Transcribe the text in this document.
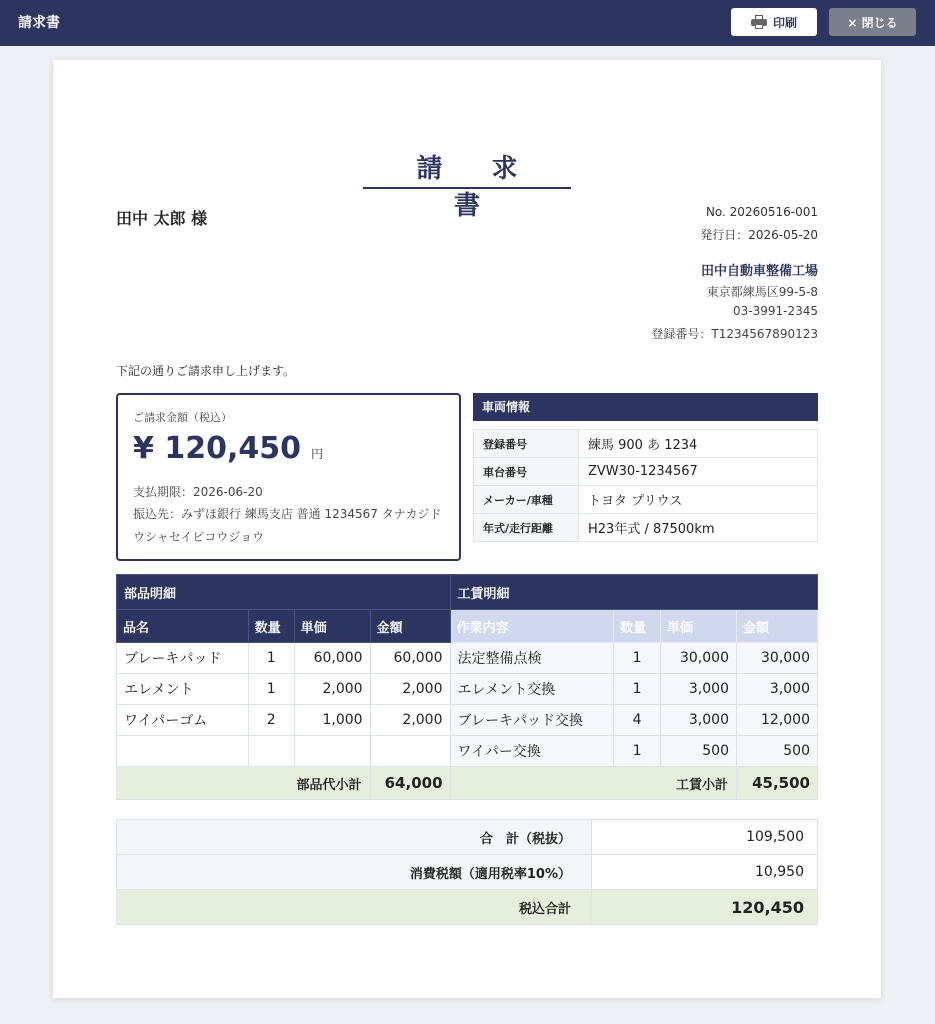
請求書	印刷	× 閉じる
請 求 書
田中 太郎 様	No. 20260516-001
発行日：2026-05-20
田中自動車整備工場
東京都練馬区99-5-8
03-3991-2345
登録番号：T1234567890123
下記の通りご請求申し上げます。
ご請求金額（税込）
¥ 120,450 円
支払期限：2026-06-20
振込先：みずほ銀行 練馬支店 普通 1234567 タナカジドウシャセイビコウジョウ
車両情報
登録番号	練馬 900 あ 1234
車台番号	ZVW30-1234567
メーカー/車種	トヨタ プリウス
年式/走行距離	H23年式 / 87500km
部品明細				工賃明細			
品名	数量	単価	金額	作業内容	数量	単価	金額
ブレーキパッド	1	60,000	60,000	法定整備点検	1	30,000	30,000
エレメント	1	2,000	2,000	エレメント交換	1	3,000	3,000
ワイパーゴム	2	1,000	2,000	ブレーキパッド交換	4	3,000	12,000
				ワイパー交換	1	500	500
部品代小計			64,000	工賃小計			45,500
合　計（税抜）	109,500
消費税額（適用税率10%）	10,950
税込合計	120,450
